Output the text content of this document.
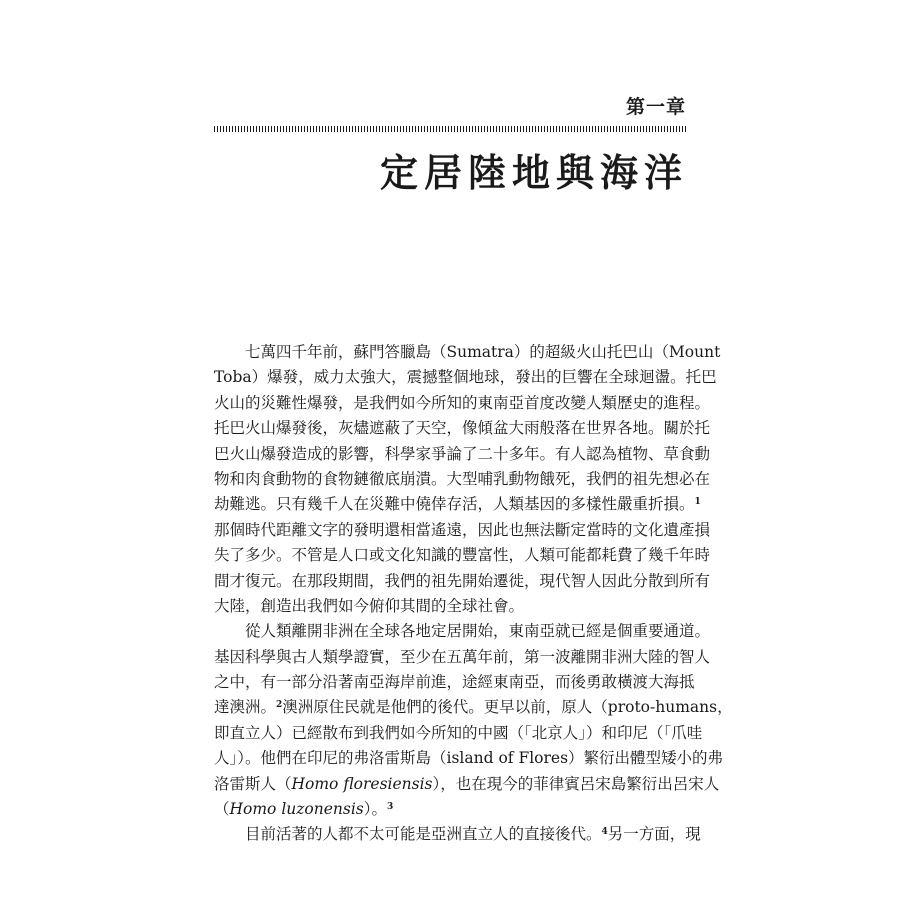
第一章
定居陸地與海洋
七萬四千年前，蘇門答臘島（Sumatra）的超級火山托巴山（Mount
Toba）爆發，威力太強大，震撼整個地球，發出的巨響在全球迴盪。托巴
火山的災難性爆發，是我們如今所知的東南亞首度改變人類歷史的進程。
托巴火山爆發後，灰燼遮蔽了天空，像傾盆大雨般落在世界各地。關於托
巴火山爆發造成的影響，科學家爭論了二十多年。有人認為植物、草食動
物和肉食動物的食物鏈徹底崩潰。大型哺乳動物餓死，我們的祖先想必在
劫難逃。只有幾千人在災難中僥倖存活，人類基因的多樣性嚴重折損。$^1$
那個時代距離文字的發明還相當遙遠，因此也無法斷定當時的文化遺產損
失了多少。不管是人口或文化知識的豐富性，人類可能都耗費了幾千年時
間才復元。在那段期間，我們的祖先開始遷徙，現代智人因此分散到所有
大陸，創造出我們如今俯仰其間的全球社會。
從人類離開非洲在全球各地定居開始，東南亞就已經是個重要通道。
基因科學與古人類學證實，至少在五萬年前，第一波離開非洲大陸的智人
之中，有一部分沿著南亞海岸前進，途經東南亞，而後勇敢橫渡大海抵
達澳洲。$^2$澳洲原住民就是他們的後代。更早以前，原人（proto-humans，
即直立人）已經散布到我們如今所知的中國（「北京人」）和印尼（「爪哇
人」）。他們在印尼的弗洛雷斯島（island of Flores）繁衍出體型矮小的弗
洛雷斯人（Homo floresiensis），也在現今的菲律賓呂宋島繁衍出呂宋人
（Homo luzonensis）。$^3$
目前活著的人都不太可能是亞洲直立人的直接後代。$^4$另一方面，現
